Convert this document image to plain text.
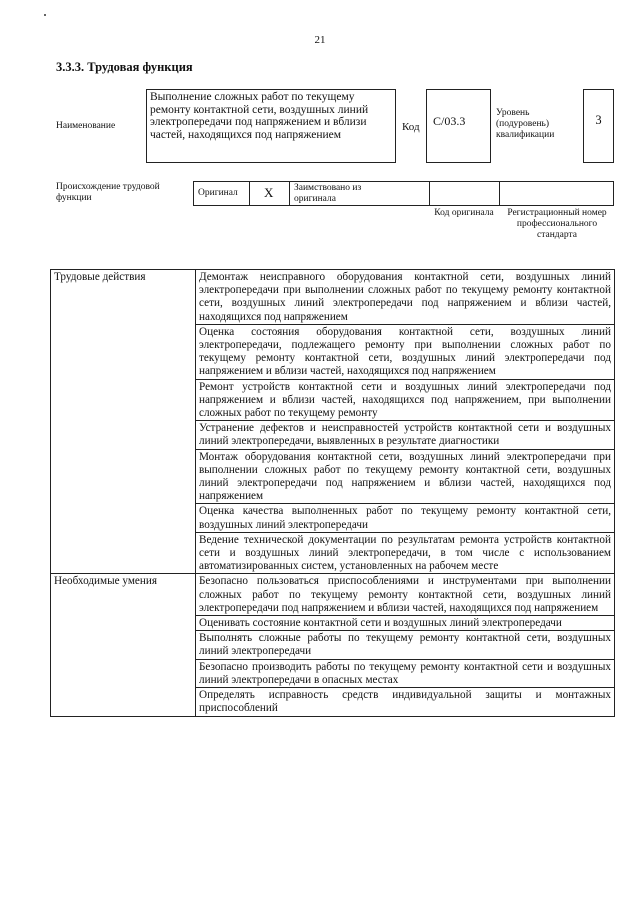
21
3.3.3. Трудовая функция
Наименование
Выполнение сложных работ по текущему ремонту контактной сети, воздушных линий электропередачи под напряжением и вблизи частей, находящихся под напряжением
Код	C/03.3
Уровень (подуровень) квалификации
3
Происхождение трудовой функции	Оригинал X Заимствовано из оригинала
Код оригинала	Регистрационный номер профессионального стандарта
Трудовые действия	Демонтаж неисправного оборудования контактной сети, воздушных линий электропередачи при выполнении сложных работ по текущему ремонту контактной сети, воздушных линий электропередачи под напряжением и вблизи частей, находящихся под напряжением
	Оценка состояния оборудования контактной сети, воздушных линий электропередачи, подлежащего ремонту при выполнении сложных работ по текущему ремонту контактной сети, воздушных линий электропередачи под напряжением и вблизи частей, находящихся под напряжением
	Ремонт устройств контактной сети и воздушных линий электропередачи под напряжением и вблизи частей, находящихся под напряжением, при выполнении сложных работ по текущему ремонту
	Устранение дефектов и неисправностей устройств контактной сети и воздушных линий электропередачи, выявленных в результате диагностики
	Монтаж оборудования контактной сети, воздушных линий электропередачи при выполнении сложных работ по текущему ремонту контактной сети, воздушных линий электропередачи под напряжением и вблизи частей, находящихся под напряжением
	Оценка качества выполненных работ по текущему ремонту контактной сети, воздушных линий электропередачи
	Ведение технической документации по результатам ремонта устройств контактной сети и воздушных линий электропередачи, в том числе с использованием автоматизированных систем, установленных на рабочем месте
Необходимые умения	Безопасно пользоваться приспособлениями и инструментами при выполнении сложных работ по текущему ремонту контактной сети, воздушных линий электропередачи под напряжением и вблизи частей, находящихся под напряжением
	Оценивать состояние контактной сети и воздушных линий электропередачи
	Выполнять сложные работы по текущему ремонту контактной сети, воздушных линий электропередачи
	Безопасно производить работы по текущему ремонту контактной сети и воздушных линий электропередачи в опасных местах
	Определять исправность средств индивидуальной защиты и монтажных приспособлений
